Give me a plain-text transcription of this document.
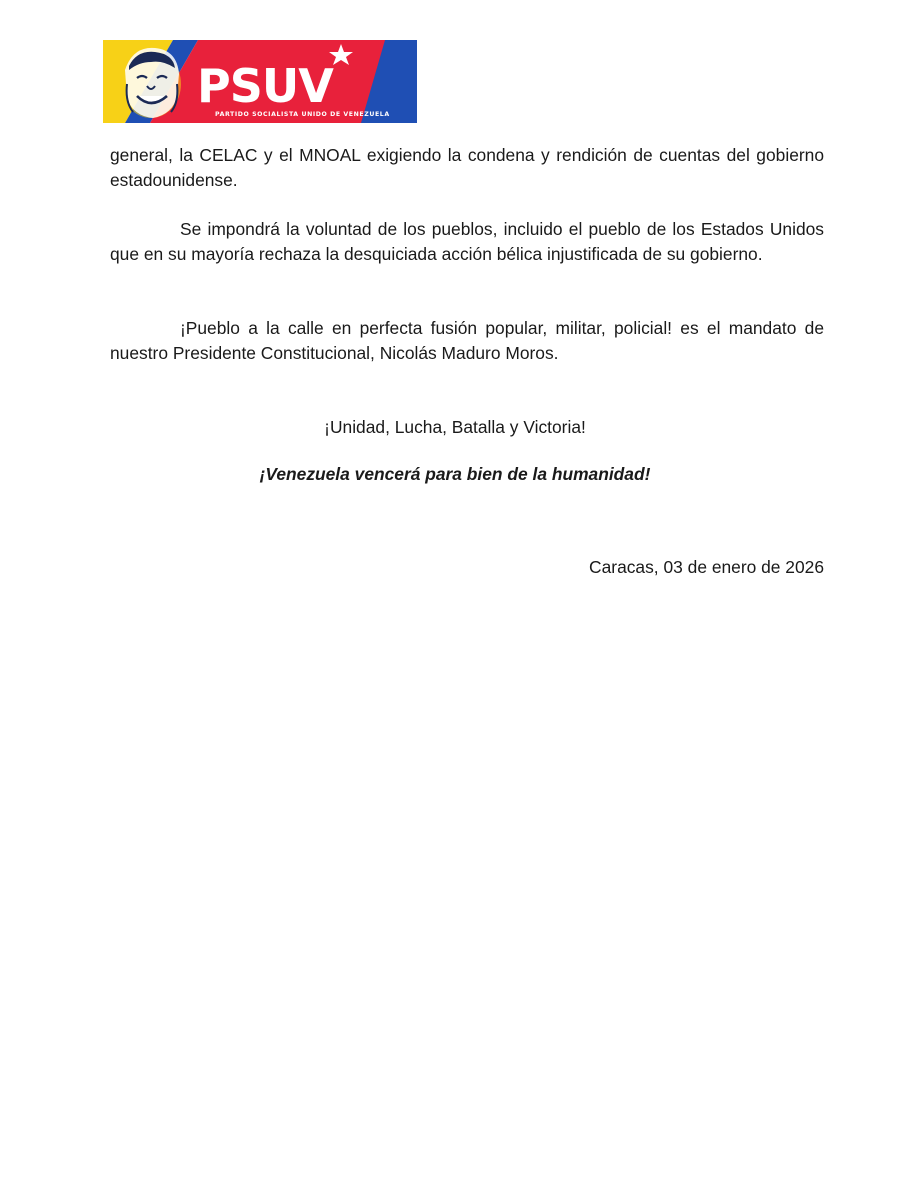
PSUV
PARTIDO SOCIALISTA UNIDO DE VENEZUELA

general, la CELAC y el MNOAL exigiendo la condena y rendición de cuentas del gobierno estadounidense.

Se impondrá la voluntad de los pueblos, incluido el pueblo de los Estados Unidos que en su mayoría rechaza la desquiciada acción bélica injustificada de su gobierno.

¡Pueblo a la calle en perfecta fusión popular, militar, policial! es el mandato de nuestro Presidente Constitucional, Nicolás Maduro Moros.

¡Unidad, Lucha, Batalla y Victoria!

¡Venezuela vencerá para bien de la humanidad!

Caracas, 03 de enero de 2026
